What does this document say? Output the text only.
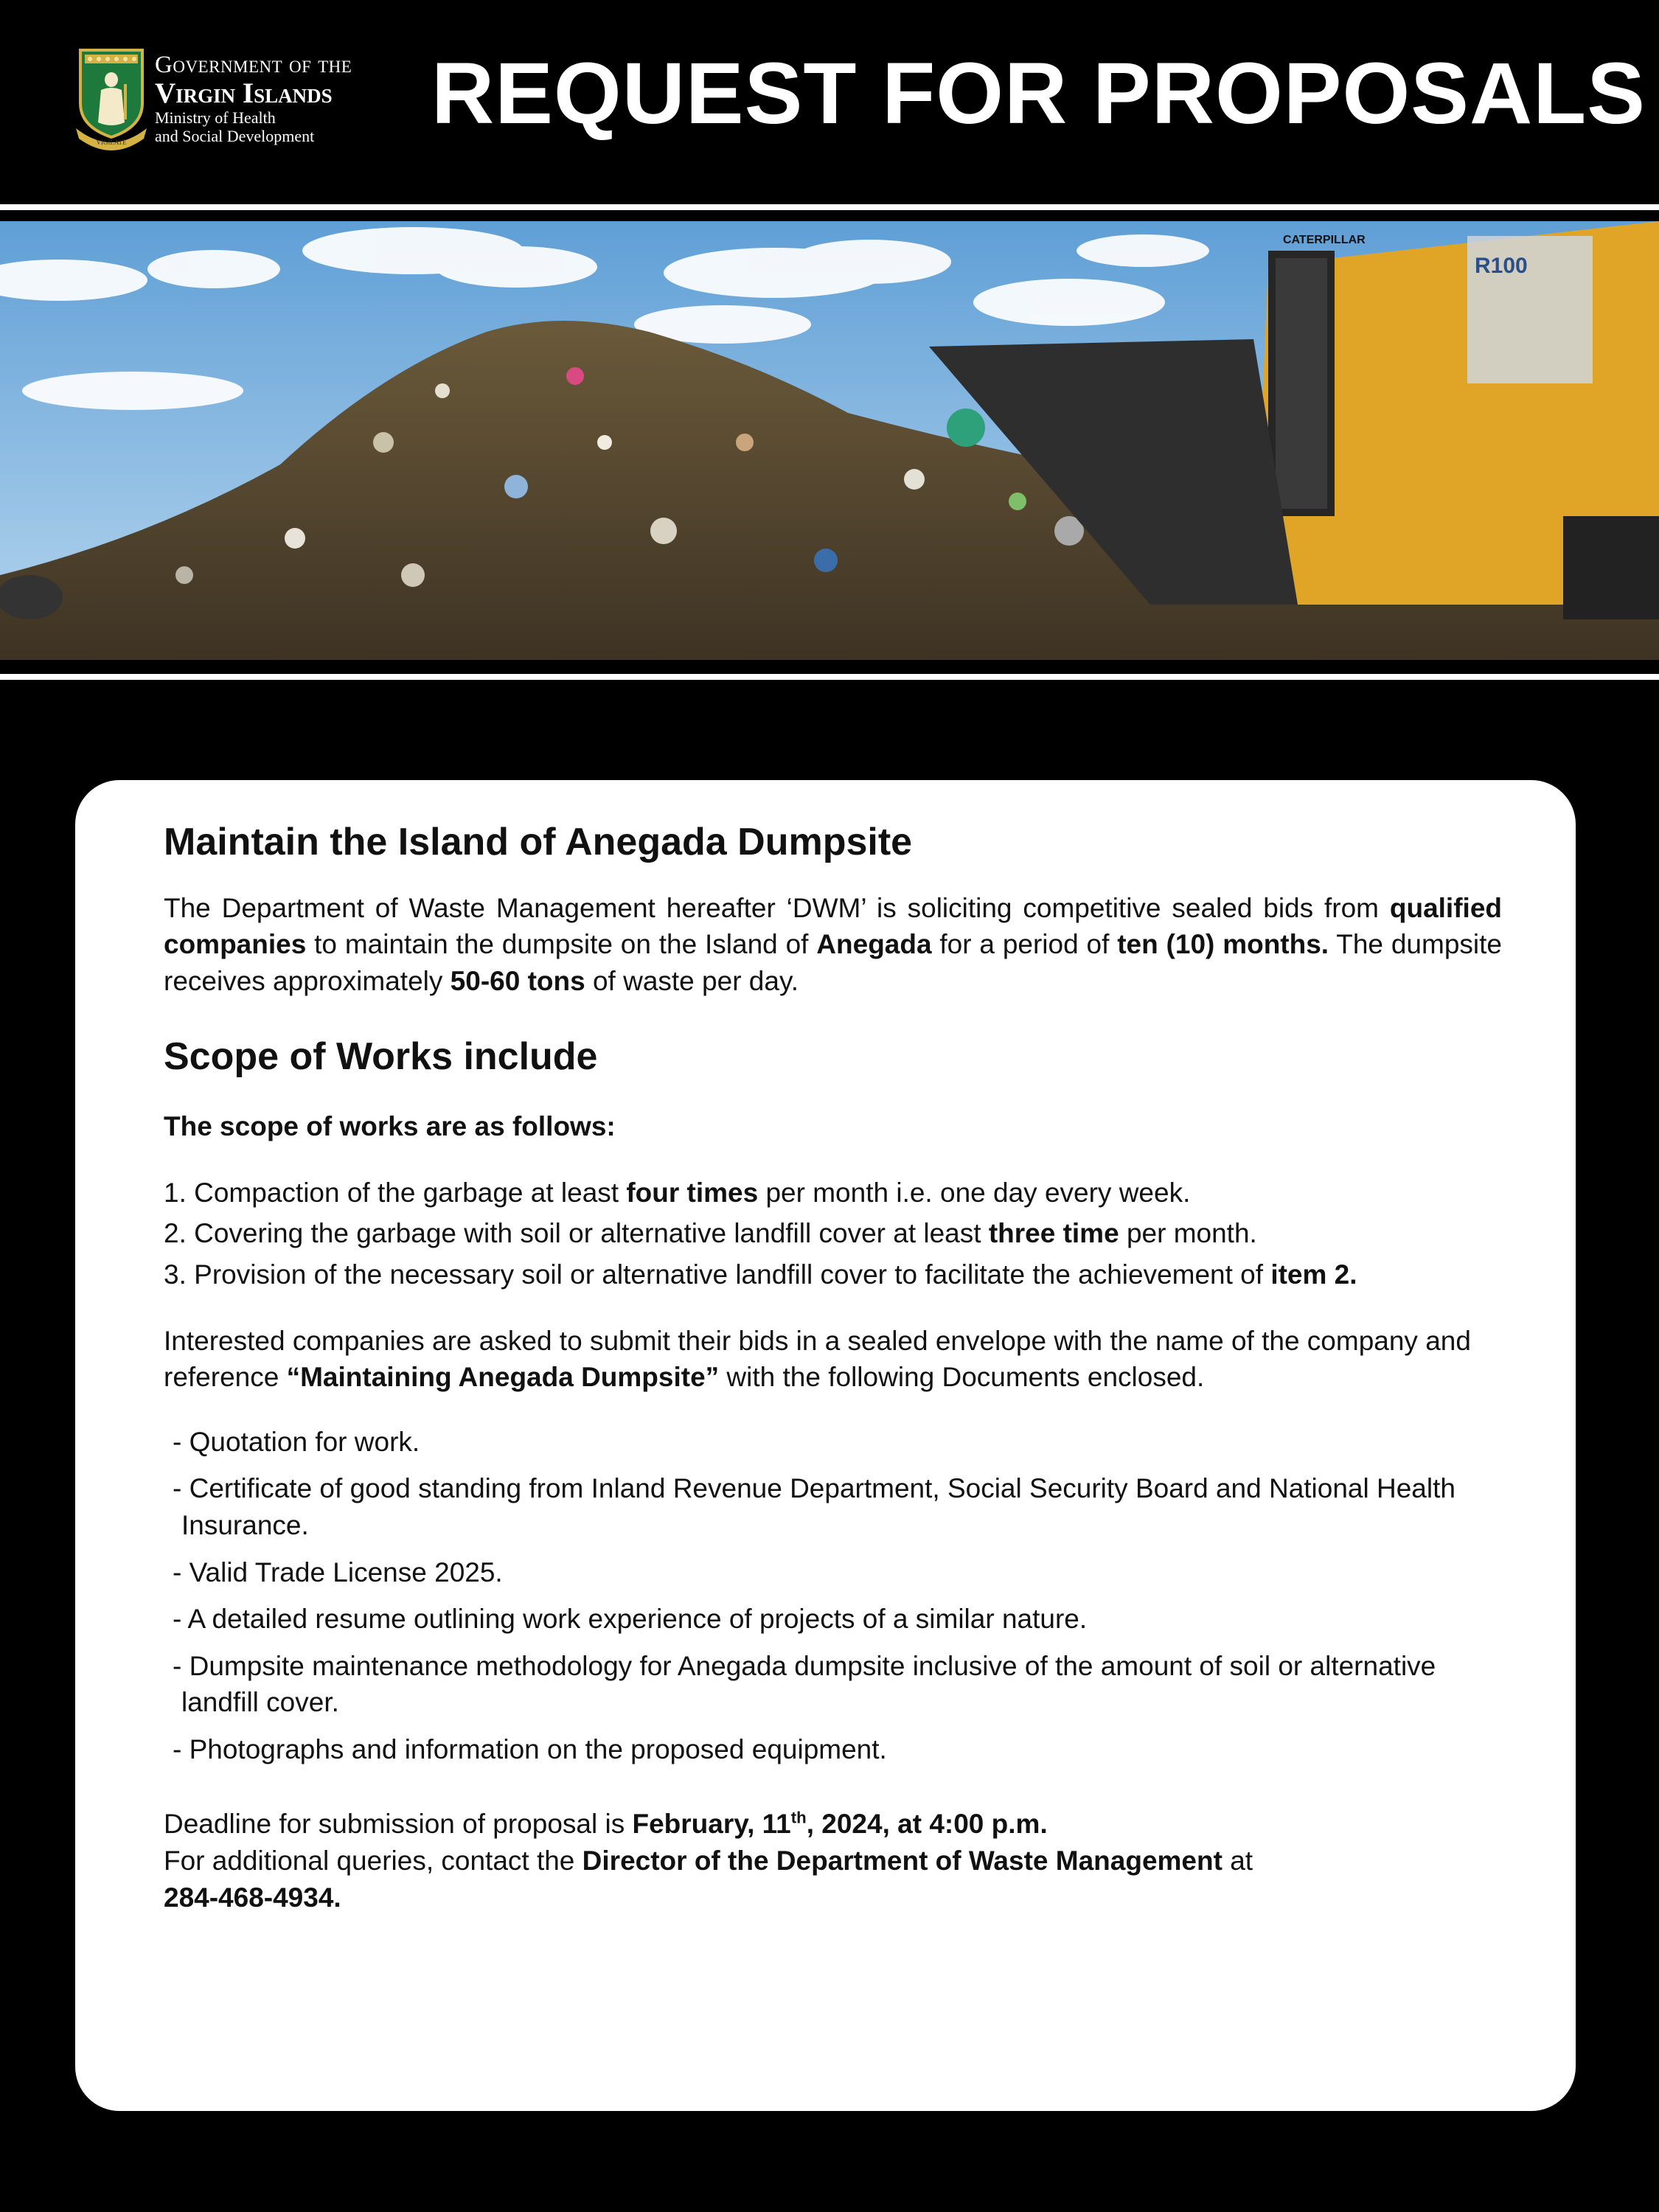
VIGILATE
Government of the
Virgin Islands
Ministry of Health
and Social Development	REQUEST FOR PROPOSALS
R100
CATERPILLAR
Maintain the Island of Anegada Dumpsite

The Department of Waste Management hereafter ‘DWM’ is soliciting competitive sealed bids from qualified companies to maintain the dumpsite on the Island of Anegada for a period of ten (10) months. The dumpsite receives approximately 50-60 tons of waste per day.

Scope of Works include

The scope of works are as follows:

1. Compaction of the garbage at least four times per month i.e. one day every week.

2. Covering the garbage with soil or alternative landfill cover at least three time per month.

3. Provision of the necessary soil or alternative landfill cover to facilitate the achievement of item 2.

Interested companies are asked to submit their bids in a sealed envelope with the name of the company and reference “Maintaining Anegada Dumpsite” with the following Documents enclosed.

- Quotation for work.

- Certificate of good standing from Inland Revenue Department, Social Security Board and National Health Insurance.

- Valid Trade License 2025.

- A detailed resume outlining work experience of projects of a similar nature.

- Dumpsite maintenance methodology for Anegada dumpsite inclusive of the amount of soil or alternative landfill cover.

- Photographs and information on the proposed equipment.

Deadline for submission of proposal is February, 11th, 2024, at 4:00 p.m.

For additional queries, contact the Director of the Department of Waste Management at

284-468-4934.
